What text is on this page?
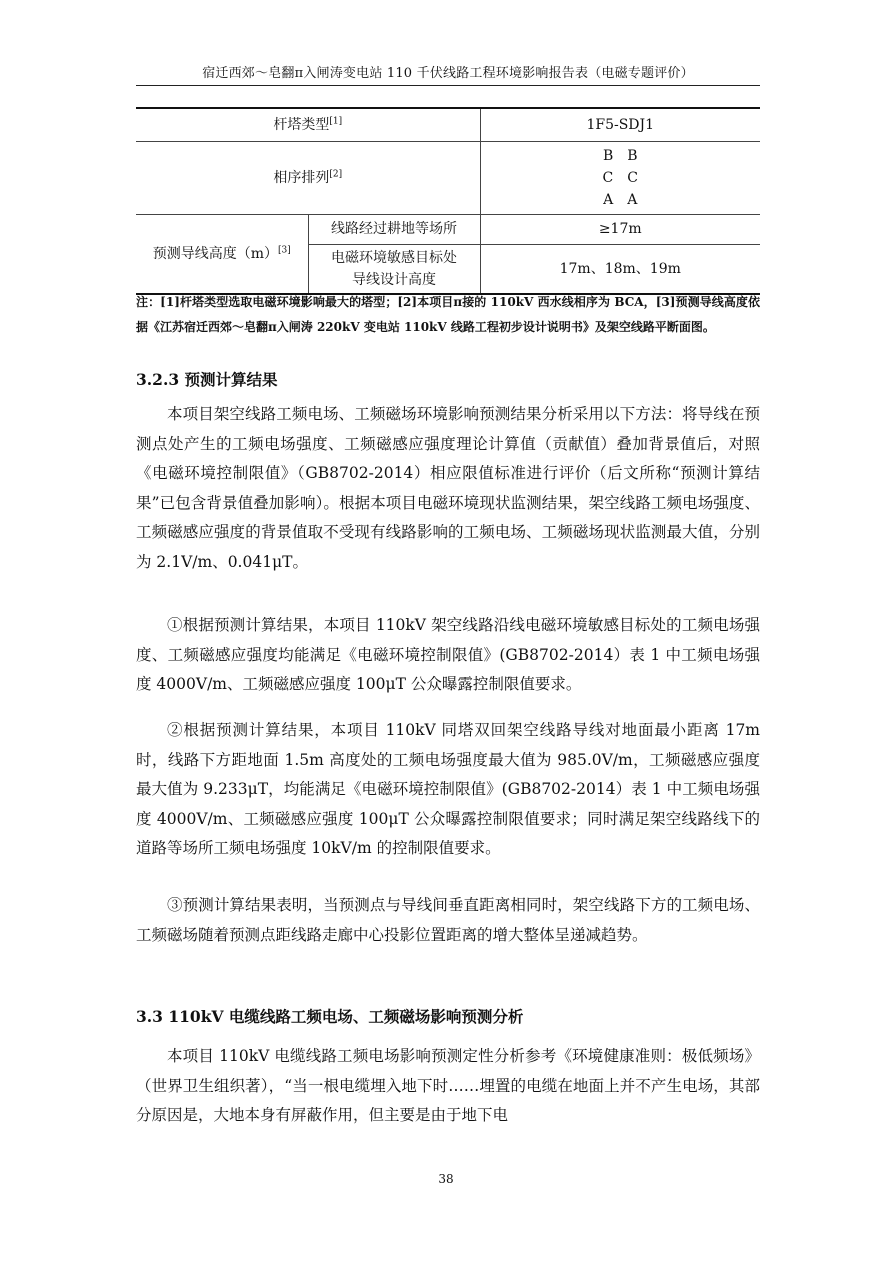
宿迁西郊～皂翻π入闸涛变电站 110 千伏线路工程环境影响报告表（电磁专题评价）
杆塔类型[1]		1F5-SDJ1
相序排列[2]		B　B
C　C
A　A

预测导线高度（m）[3]	线路经过耕地等场所	≥17m

	电磁环境敏感目标处
导线设计高度	17m、18m、19m
注：[1]杆塔类型选取电磁环境影响最大的塔型；[2]本项目π接的 110kV 西水线相序为 BCA，[3]预测导线高度依据《江苏宿迁西郊～皂翻π入闸涛 220kV 变电站 110kV 线路工程初步设计说明书》及架空线路平断面图。
3.2.3 预测计算结果

本项目架空线路工频电场、工频磁场环境影响预测结果分析采用以下方法：将导线在预测点处产生的工频电场强度、工频磁感应强度理论计算值（贡献值）叠加背景值后，对照《电磁环境控制限值》（GB8702-2014）相应限值标准进行评价（后文所称“预测计算结果”已包含背景值叠加影响）。根据本项目电磁环境现状监测结果，架空线路工频电场强度、工频磁感应强度的背景值取不受现有线路影响的工频电场、工频磁场现状监测最大值，分别为 2.1V/m、0.041μT。

①根据预测计算结果，本项目 110kV 架空线路沿线电磁环境敏感目标处的工频电场强度、工频磁感应强度均能满足《电磁环境控制限值》(GB8702-2014）表 1 中工频电场强度 4000V/m、工频磁感应强度 100μT 公众曝露控制限值要求。

②根据预测计算结果，本项目 110kV 同塔双回架空线路导线对地面最小距离 17m 时，线路下方距地面 1.5m 高度处的工频电场强度最大值为 985.0V/m，工频磁感应强度最大值为 9.233μT，均能满足《电磁环境控制限值》(GB8702-2014）表 1 中工频电场强度 4000V/m、工频磁感应强度 100μT 公众曝露控制限值要求；同时满足架空线路线下的道路等场所工频电场强度 10kV/m 的控制限值要求。

③预测计算结果表明，当预测点与导线间垂直距离相同时，架空线路下方的工频电场、工频磁场随着预测点距线路走廊中心投影位置距离的增大整体呈递减趋势。

3.3 110kV 电缆线路工频电场、工频磁场影响预测分析

本项目 110kV 电缆线路工频电场影响预测定性分析参考《环境健康准则：极低频场》（世界卫生组织著），“当一根电缆埋入地下时……埋置的电缆在地面上并不产生电场，其部分原因是，大地本身有屏蔽作用，但主要是由于地下电

38
